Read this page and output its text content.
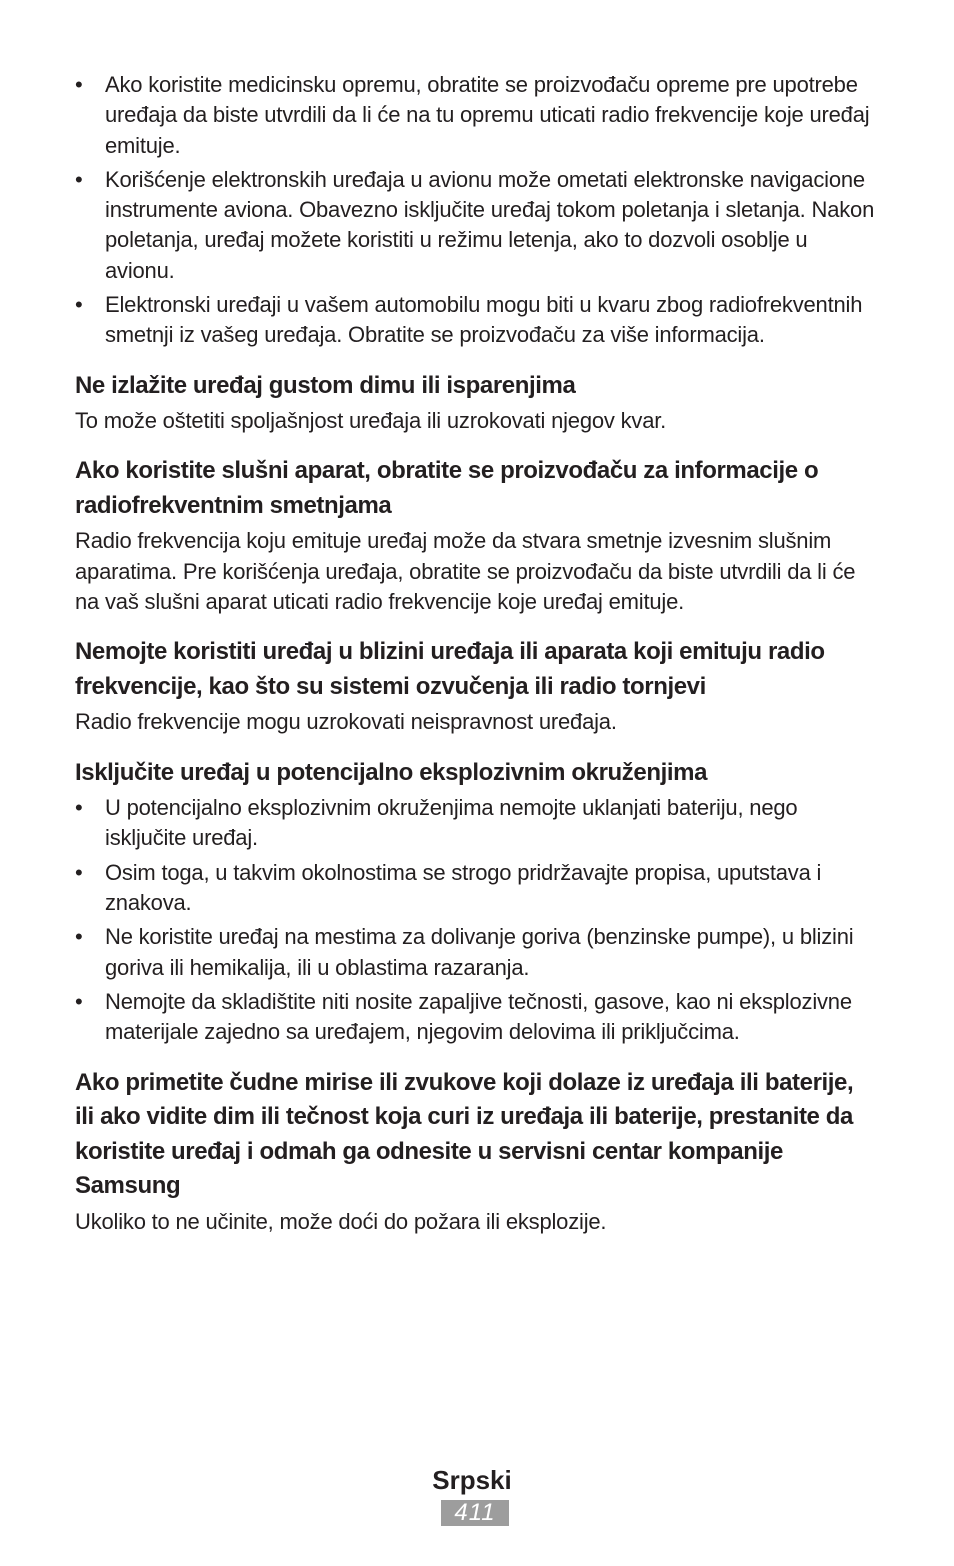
• Ako koristite medicinsku opremu, obratite se proizvođaču opreme pre upotrebe uređaja da biste utvrdili da li će na tu opremu uticati radio frekvencije koje uređaj emituje.
• Korišćenje elektronskih uređaja u avionu može ometati elektronske navigacione instrumente aviona. Obavezno isključite uređaj tokom poletanja i sletanja. Nakon poletanja, uređaj možete koristiti u režimu letenja, ako to dozvoli osoblje u avionu.
• Elektronski uređaji u vašem automobilu mogu biti u kvaru zbog radiofrekventnih smetnji iz vašeg uređaja. Obratite se proizvođaču za više informacija.

Ne izlažite uređaj gustom dimu ili isparenjima

To može oštetiti spoljašnjost uređaja ili uzrokovati njegov kvar.

Ako koristite slušni aparat, obratite se proizvođaču za informacije o radiofrekventnim smetnjama

Radio frekvencija koju emituje uređaj može da stvara smetnje izvesnim slušnim aparatima. Pre korišćenja uređaja, obratite se proizvođaču da biste utvrdili da li će na vaš slušni aparat uticati radio frekvencije koje uređaj emituje.

Nemojte koristiti uređaj u blizini uređaja ili aparata koji emituju radio frekvencije, kao što su sistemi ozvučenja ili radio tornjevi

Radio frekvencije mogu uzrokovati neispravnost uređaja.

Isključite uređaj u potencijalno eksplozivnim okruženjima

• U potencijalno eksplozivnim okruženjima nemojte uklanjati bateriju, nego isključite uređaj.
• Osim toga, u takvim okolnostima se strogo pridržavajte propisa, uputstava i znakova.
• Ne koristite uređaj na mestima za dolivanje goriva (benzinske pumpe), u blizini goriva ili hemikalija, ili u oblastima razaranja.
• Nemojte da skladištite niti nosite zapaljive tečnosti, gasove, kao ni eksplozivne materijale zajedno sa uređajem, njegovim delovima ili priključcima.

Ako primetite čudne mirise ili zvukove koji dolaze iz uređaja ili baterije, ili ako vidite dim ili tečnost koja curi iz uređaja ili baterije, prestanite da koristite uređaj i odmah ga odnesite u servisni centar kompanije Samsung

Ukoliko to ne učinite, može doći do požara ili eksplozije.

Srpski
411
